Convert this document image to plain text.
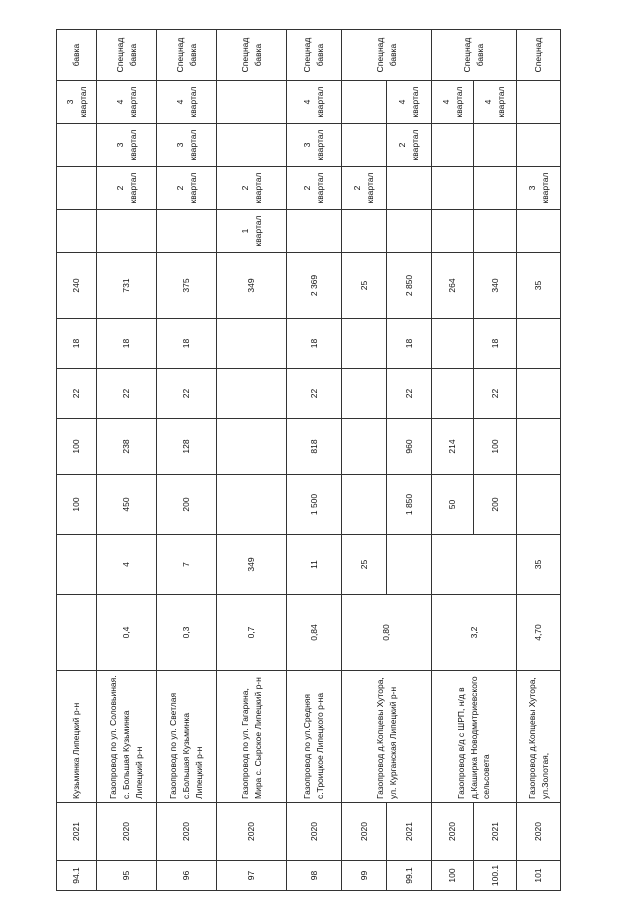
94.1	2021	Кузьминка Липецкий р-н			100	100	22	18	240				3 квартал	бавка
95	2020	Газопровод по ул. Соловьиная. с. Большая Кузьминка Липецкий р-н	0,4	4	450	238	22	18	731		2 квартал	3 квартал	4 квартал	Спецнад бавка
96	2020	Газопровод по ул. Светлая с.Большая Кузьминка Липецкий р-н	0,3	7	200	128	22	18	375		2 квартал	3 квартал	4 квартал	Спецнад бавка
97	2020	Газопровод по ул. Гагарина, Мира с. Сырское Липецкий р-н	0,7	349					349	1 квартал	2 квартал			Спецнад бавка
98	2020	Газопровод по ул.Средняя с.Троицкое Липецкого р-на	0,84	11	1 500	818	22	18	2 369		2 квартал	3 квартал	4 квартал	Спецнад бавка
99	2020	Газопровод д.Копцевы Хутора, ул. Курганская Липецкий р-н	0,80	25					25		2 квартал			Спецнад бавка
99.1	2021				1 850	960	22	18	2 850			2 квартал	4 квартал	
100	2020	Газопровод в/д с ШРП, н/д в д.Каширка Новодмитриевского сельсовета	3,2		50	214			264				4 квартал	Спецнад бавка
100.1	2021				200	100	22	18	340				4 квартал	
101	2020	Газопровод д.Копцевы Хутора, ул.Золотая,	4,70	35					35		3 квартал			Спецнад
